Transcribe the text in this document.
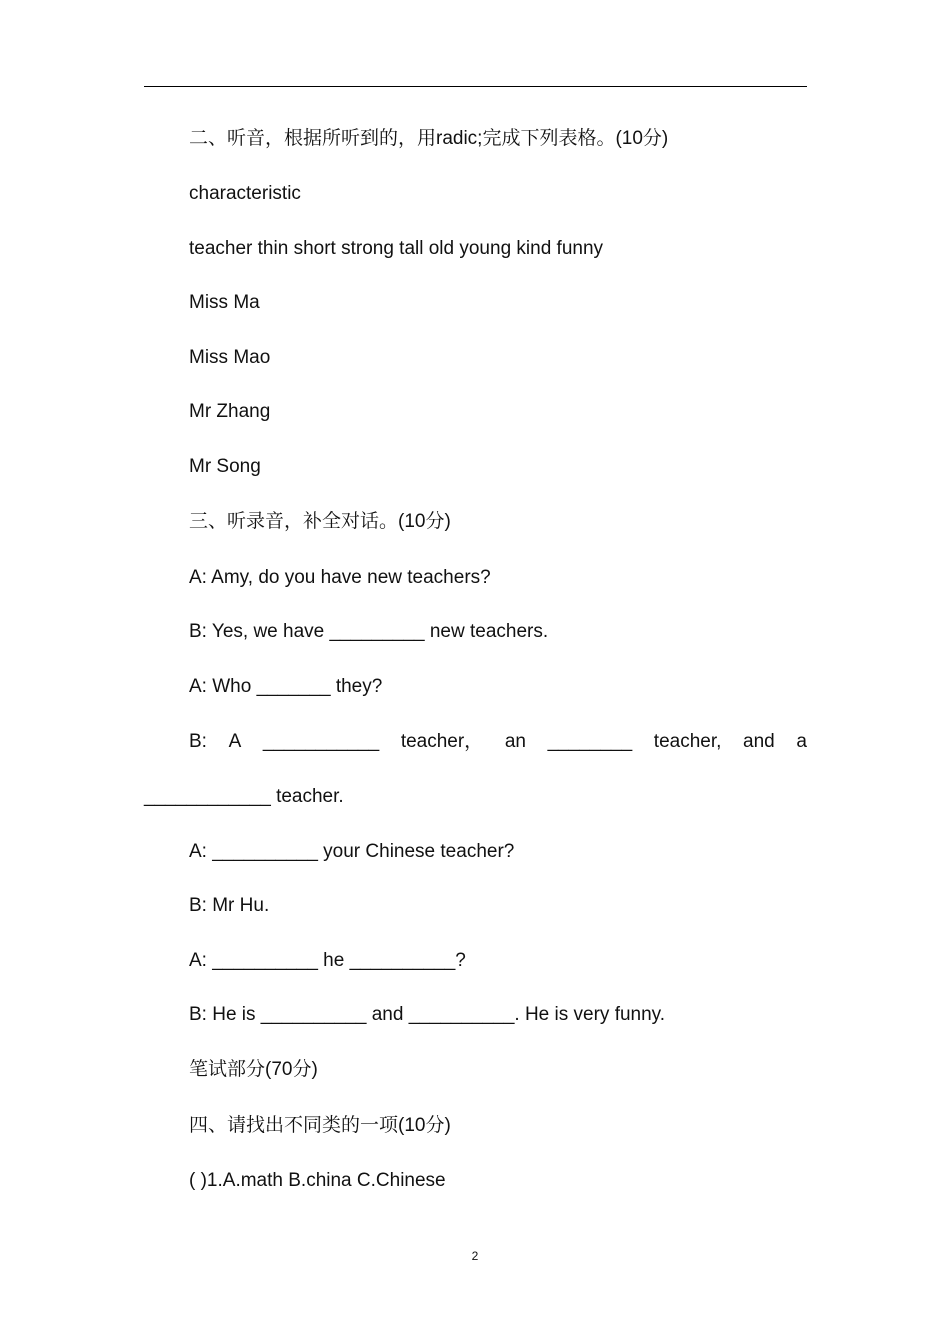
二、听音，根据所听到的，用radic;完成下列表格。(10分)
characteristic
teacher thin short strong tall old young kind funny
Miss Ma
Miss Mao
Mr Zhang
Mr Song
三、听录音，补全对话。(10分)
A: Amy, do you have new teachers?
B: Yes, we have _________ new teachers.
A: Who _______ they?
B: A ___________ teacher， an ________ teacher, and a
____________ teacher.
A: __________ your Chinese teacher?
B: Mr Hu.
A: __________ he __________?
B: He is __________ and __________. He is very funny.
笔试部分(70分)
四、请找出不同类的一项(10分)
( )1.A.math B.china C.Chinese
2
